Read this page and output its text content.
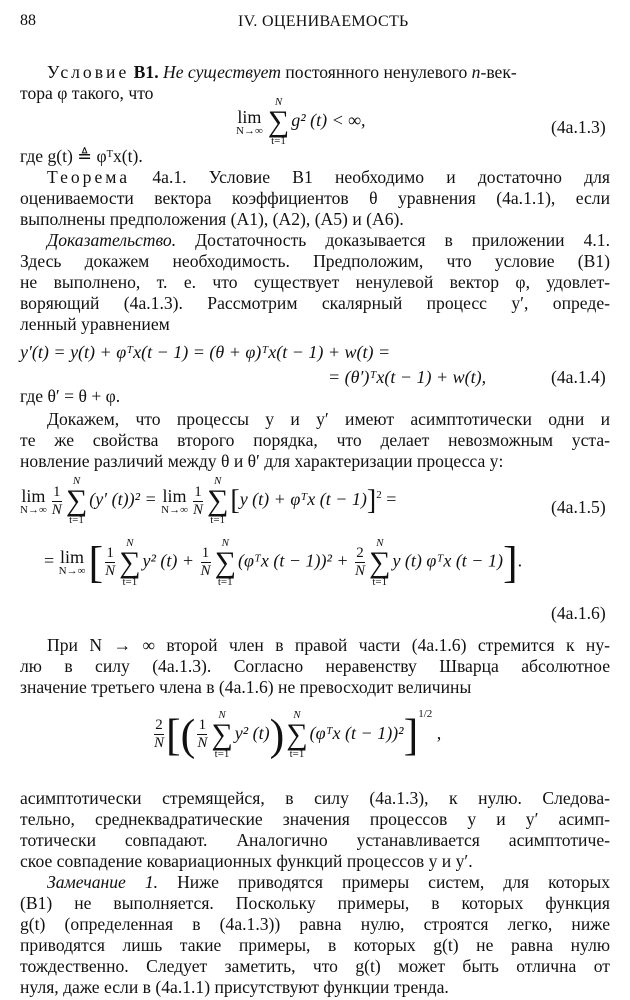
88	IV. ОЦЕНИВАЕМОСТЬ
Условие B1. Не существует постоянного ненулевого n-век-
тора φ такого, что
lim
N→∞
N
∑
t=1
g² (t) < ∞,	(4a.1.3)
где g(t) ≜ φᵀx(t).
Теорема 4a.1. Условие B1 необходимо и достаточно для
оцениваемости вектора коэффициентов θ уравнения (4a.1.1), если
выполнены предположения (A1), (A2), (A5) и (A6).
Доказательство. Достаточность доказывается в приложении 4.1.
Здесь докажем необходимость. Предположим, что условие (B1)
не выполнено, т. е. что существует ненулевой вектор φ, удовлет-
воряющий (4a.1.3). Рассмотрим скалярный процесс y′, опреде-
ленный уравнением
y′(t) = y(t) + φᵀx(t − 1) = (θ + φ)ᵀx(t − 1) + w(t) =
= (θ′)ᵀx(t − 1) + w(t),	(4a.1.4)
где θ′ = θ + φ.
Докажем, что процессы y и y′ имеют асимптотически одни и
те же свойства второго порядка, что делает невозможным уста-
новление различий между θ и θ′ для характеризации процесса y:
lim
$N\to\infty \frac{1}{N}$
N
∑
t=1
(y′ (t))² = lim
$N\to\infty \frac{1}{N}$
N
∑
t=1
[y (t) + φᵀx (t − 1)]$^2$ =	(4a.1.5)
= lim
N→∞ [ $\frac{1}{N}$
N
∑
t=1
y² $(t) + \frac{1}{N}$
N
∑
t=1
(φᵀx $(t - 1))^2 + \frac{2}{N}$
N
∑
t=1
y (t) φᵀx (t − 1)].
(4a.1.6)
При N → ∞ второй член в правой части (4a.1.6) стремится к ну-
лю в силу (4a.1.3). Согласно неравенству Шварца абсолютное
значение третьего члена в (4a.1.6) не превосходит величины
$\frac{2}{N}$ [( $\frac{1}{N}$
N
∑
t=1
y² (t)) N
∑
t=1
(φᵀx (t − 1))²]$^{1/2}$ ,
асимптотически стремящейся, в силу (4a.1.3), к нулю. Следова-
тельно, среднеквадратические значения процессов y и y′ асимп-
тотически совпадают. Аналогично устанавливается асимптотиче-
ское совпадение ковариационных функций процессов y и y′.
Замечание 1. Ниже приводятся примеры систем, для которых
(B1) не выполняется. Поскольку примеры, в которых функция
g(t) (определенная в (4a.1.3)) равна нулю, строятся легко, ниже
приводятся лишь такие примеры, в которых g(t) не равна нулю
тождественно. Следует заметить, что g(t) может быть отлична от
нуля, даже если в (4a.1.1) присутствуют функции тренда.
